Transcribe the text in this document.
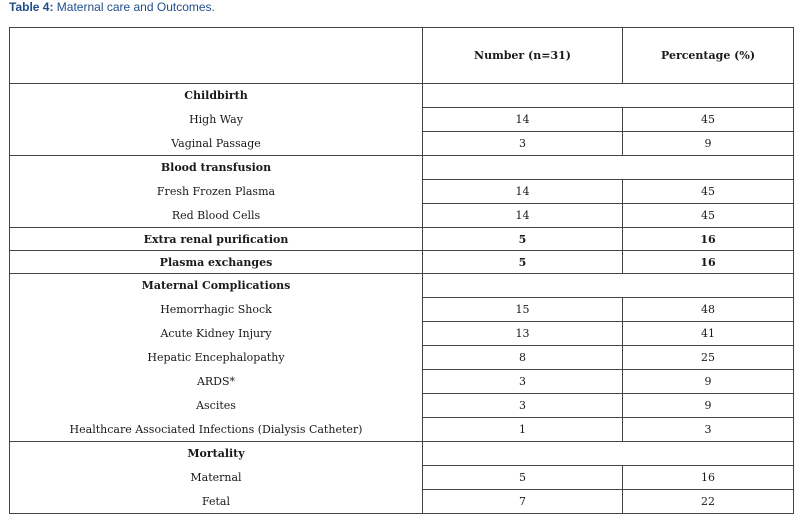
Table 4: Maternal care and Outcomes.
	Number (n=31)	Percentage (%)
Childbirth		
High Way	14	45
Vaginal Passage	3	9
Blood transfusion		
Fresh Frozen Plasma	14	45
Red Blood Cells	14	45
Extra renal purification	5	16
Plasma exchanges	5	16
Maternal Complications		
Hemorrhagic Shock	15	48
Acute Kidney Injury	13	41
Hepatic Encephalopathy	8	25
ARDS*	3	9
Ascites	3	9
Healthcare Associated Infections (Dialysis Catheter)	1	3
Mortality		
Maternal	5	16
Fetal	7	22
